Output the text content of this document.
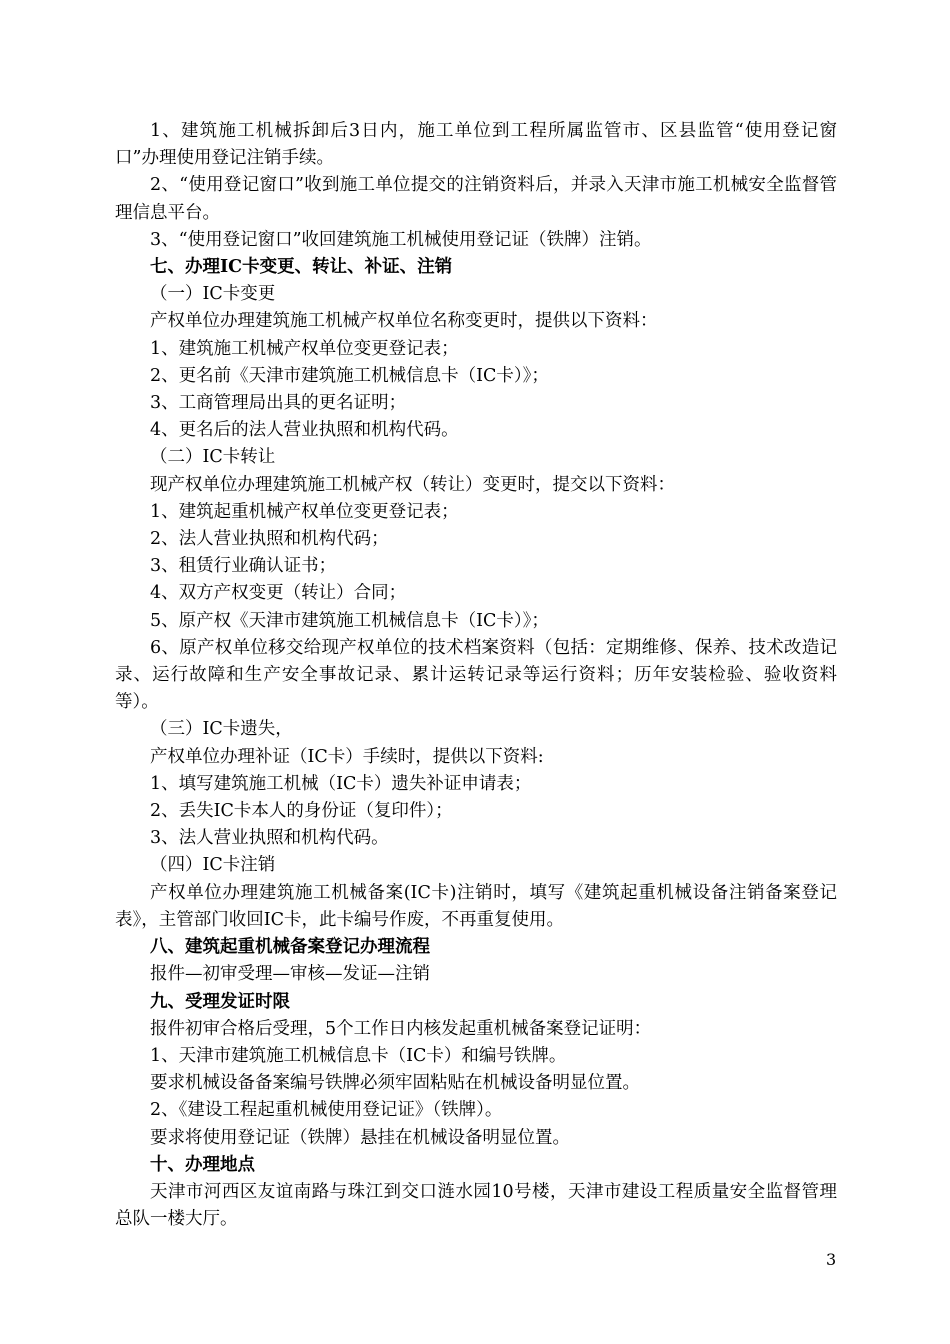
1、建筑施工机械拆卸后3日内，施工单位到工程所属监管市、区县监管“使用登记窗口”办理使用登记注销手续。

2、“使用登记窗口”收到施工单位提交的注销资料后，并录入天津市施工机械安全监督管理信息平台。

3、“使用登记窗口”收回建筑施工机械使用登记证（铁牌）注销。

七、办理IC卡变更、转让、补证、注销

（一）IC卡变更

产权单位办理建筑施工机械产权单位名称变更时，提供以下资料：

1、建筑施工机械产权单位变更登记表；

2、更名前《天津市建筑施工机械信息卡（IC卡）》；

3、工商管理局出具的更名证明；

4、更名后的法人营业执照和机构代码。

（二）IC卡转让

现产权单位办理建筑施工机械产权（转让）变更时，提交以下资料：

1、建筑起重机械产权单位变更登记表；

2、法人营业执照和机构代码；

3、租赁行业确认证书；

4、双方产权变更（转让）合同；

5、原产权《天津市建筑施工机械信息卡（IC卡）》；

6、原产权单位移交给现产权单位的技术档案资料（包括：定期维修、保养、技术改造记录、运行故障和生产安全事故记录、累计运转记录等运行资料；历年安装检验、验收资料等）。

（三）IC卡遗失，

产权单位办理补证（IC卡）手续时，提供以下资料:

1、填写建筑施工机械（IC卡）遗失补证申请表；

2、丢失IC卡本人的身份证（复印件）；

3、法人营业执照和机构代码。

（四）IC卡注销

产权单位办理建筑施工机械备案(IC卡)注销时，填写《建筑起重机械设备注销备案登记表》，主管部门收回IC卡，此卡编号作废，不再重复使用。

八、建筑起重机械备案登记办理流程

报件—初审受理—审核—发证—注销

九、受理发证时限

报件初审合格后受理，5个工作日内核发起重机械备案登记证明：

1、天津市建筑施工机械信息卡（IC卡）和编号铁牌。

要求机械设备备案编号铁牌必须牢固粘贴在机械设备明显位置。

2、《建设工程起重机械使用登记证》（铁牌）。

要求将使用登记证（铁牌）悬挂在机械设备明显位置。

十、办理地点

天津市河西区友谊南路与珠江到交口涟水园10号楼，天津市建设工程质量安全监督管理总队一楼大厅。

3
